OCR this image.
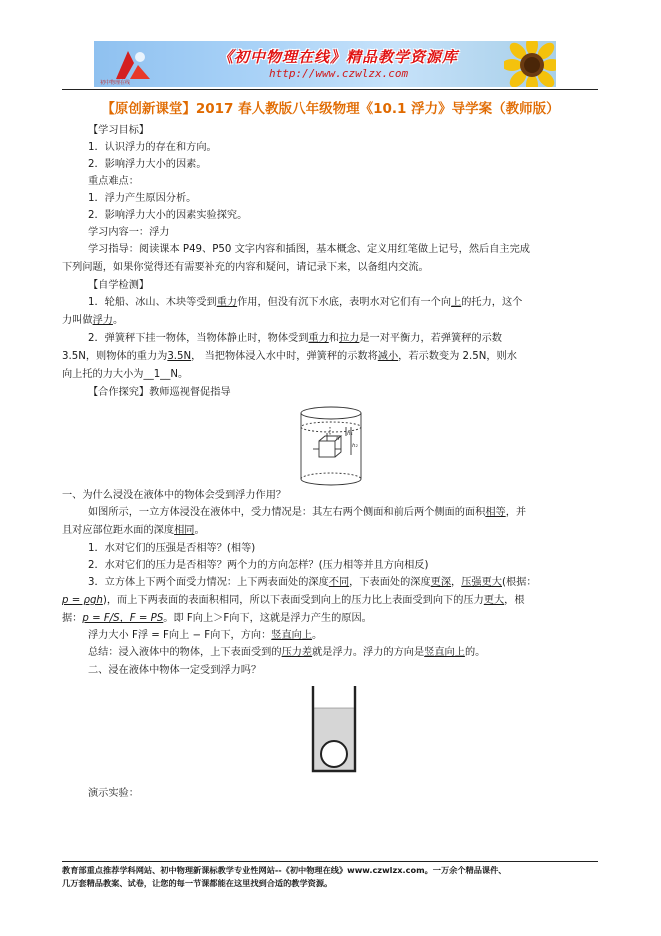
初中物理在线
《初中物理在线》精品教学资源库
http://www.czwlzx.com
【原创新课堂】2017 春人教版八年级物理《10.1 浮力》导学案（教师版）
【学习目标】
1．认识浮力的存在和方向。
2．影响浮力大小的因素。
重点难点：
1．浮力产生原因分析。
2．影响浮力大小的因素实验探究。
学习内容一：浮力
学习指导：阅读课本 P49、P50 文字内容和插图，基本概念、定义用红笔做上记号，然后自主完成
下列问题，如果你觉得还有需要补充的内容和疑问，请记录下来，以备组内交流。
【自学检测】
1．轮船、冰山、木块等受到重力作用，但没有沉下水底，表明水对它们有一个向上的托力，这个
力叫做浮力。
2．弹簧秤下挂一物体，当物体静止时，物体受到重力和拉力是一对平衡力，若弹簧秤的示数
3.5N，则物体的重力为3.5N， 当把物体浸入水中时，弹簧秤的示数将减小，若示数变为 2.5N，则水
向上托的力大小为__1__N。
【合作探究】教师巡视督促指导
h₁
h₂
h
一、为什么浸没在液体中的物体会受到浮力作用？
如图所示，一立方体浸没在液体中，受力情况是：其左右两个侧面和前后两个侧面的面积相等，并
且对应部位距水面的深度相同。
1．水对它们的压强是否相等？(相等)
2．水对它们的压力是否相等？两个力的方向怎样？(压力相等并且方向相反)
3．立方体上下两个面受力情况：上下两表面处的深度不同，下表面处的深度更深，压强更大(根据：
p = ρgh)，而上下两表面的表面积相同，所以下表面受到向上的压力比上表面受到向下的压力更大，根
据：p = F/S，F = PS。即 F向上＞F向下，这就是浮力产生的原因。
浮力大小 F浮 = F向上 − F向下，方向：竖直向上。
总结：浸入液体中的物体，上下表面受到的压力差就是浮力。浮力的方向是竖直向上的。
二、浸在液体中物体一定受到浮力吗？
演示实验：
教育部重点推荐学科网站、初中物理新课标教学专业性网站--《初中物理在线》www.czwlzx.com。一万余个精品课件、
几万套精品教案、试卷，让您的每一节课都能在这里找到合适的教学资源。
